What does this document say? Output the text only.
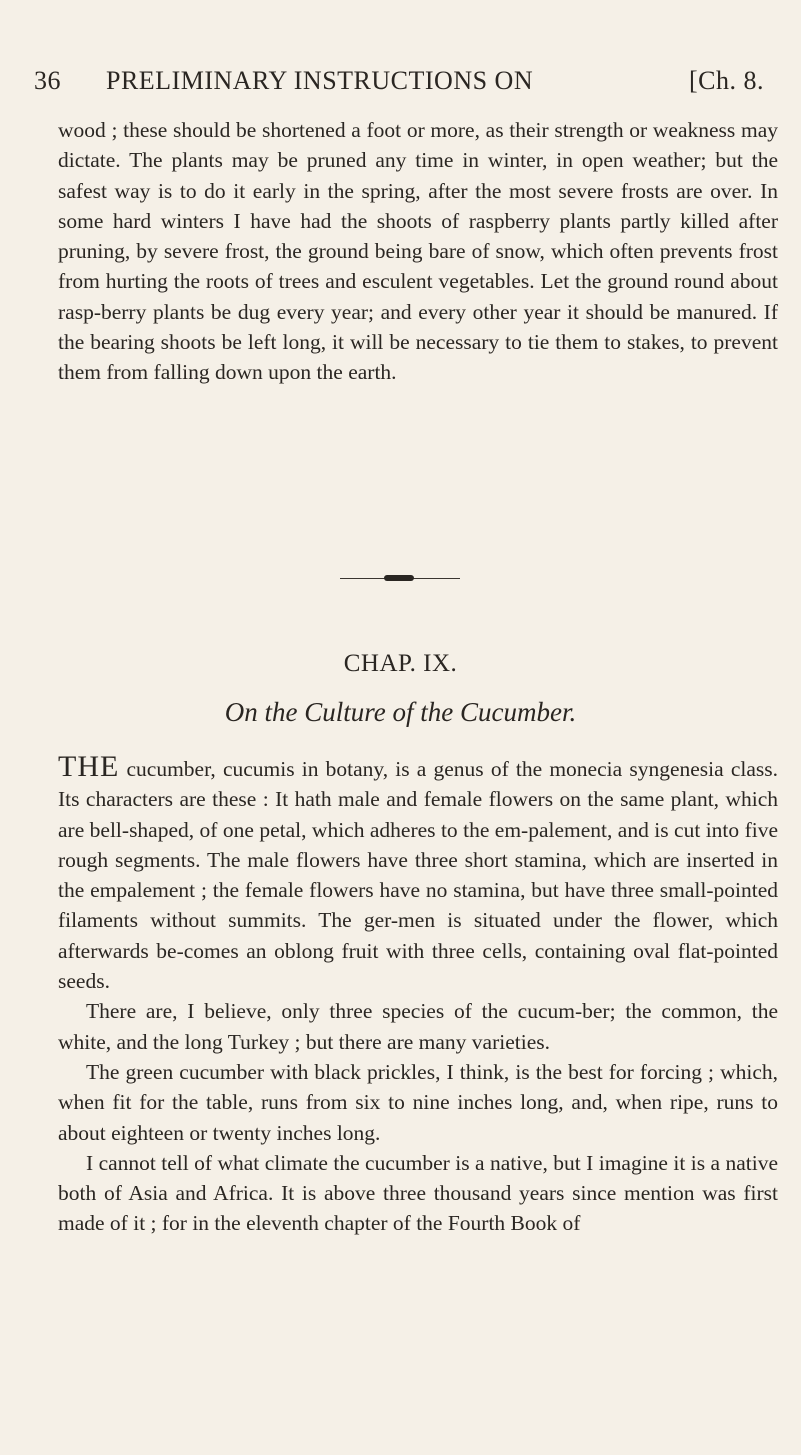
36 PRELIMINARY INSTRUCTIONS ON	[Ch. 8.
wood ; these should be shortened a foot or more, as their strength or weakness may dictate. The plants may be pruned any time in winter, in open weather; but the safest way is to do it early in the spring, after the most severe frosts are over. In some hard winters I have had the shoots of raspberry plants partly killed after pruning, by severe frost, the ground being bare of snow, which often prevents frost from hurting the roots of trees and esculent vegetables. Let the ground round about rasp-berry plants be dug every year; and every other year it should be manured. If the bearing shoots be left long, it will be necessary to tie them to stakes, to prevent them from falling down upon the earth.
CHAP. IX.
On the Culture of the Cucumber.

THE cucumber, cucumis in botany, is a genus of the monecia syngenesia class. Its characters are these : It hath male and female flowers on the same plant, which are bell-shaped, of one petal, which adheres to the em-palement, and is cut into five rough segments. The male flowers have three short stamina, which are inserted in the empalement ; the female flowers have no stamina, but have three small-pointed filaments without summits. The ger-men is situated under the flower, which afterwards be-comes an oblong fruit with three cells, containing oval flat-pointed seeds.

There are, I believe, only three species of the cucum-ber; the common, the white, and the long Turkey ; but there are many varieties.

The green cucumber with black prickles, I think, is the best for forcing ; which, when fit for the table, runs from six to nine inches long, and, when ripe, runs to about eighteen or twenty inches long.

I cannot tell of what climate the cucumber is a native, but I imagine it is a native both of Asia and Africa. It is above three thousand years since mention was first made of it ; for in the eleventh chapter of the Fourth Book of
